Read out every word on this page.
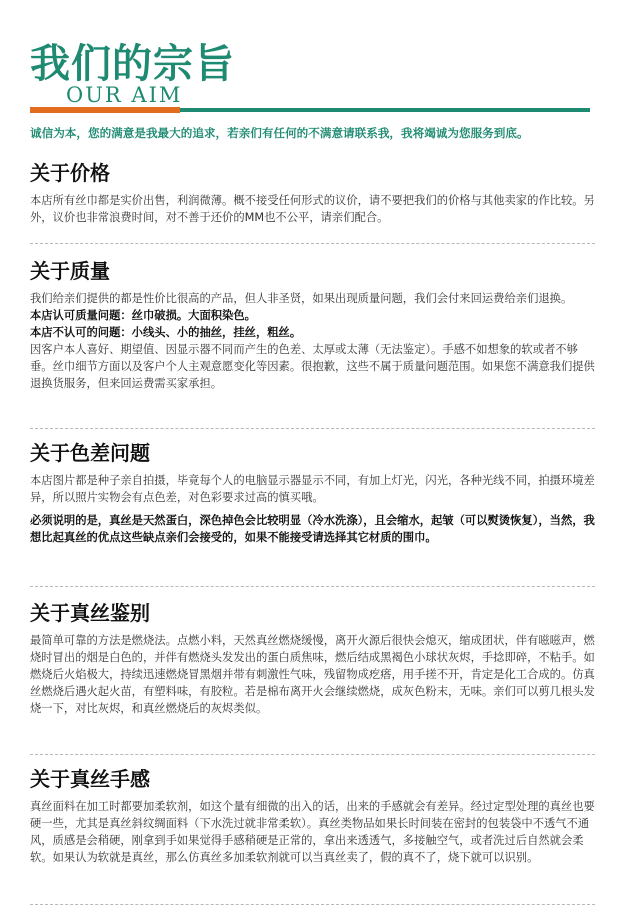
我们的宗旨
OUR AIM
诚信为本，您的满意是我最大的追求，若亲们有任何的不满意请联系我，我将竭诚为您服务到底。
关于价格

本店所有丝巾都是实价出售，利润微薄。概不接受任何形式的议价，请不要把我们的价格与其他卖家的作比较。另外，议价也非常浪费时间，对不善于还价的MM也不公平，请亲们配合。

关于质量

我们给亲们提供的都是性价比很高的产品，但人非圣贤，如果出现质量问题，我们会付来回运费给亲们退换。

本店认可质量问题：丝巾破损。大面积染色。

本店不认可的问题：小线头、小的抽丝，挂丝，粗丝。

因客户本人喜好、期望值、因显示器不同而产生的色差、太厚或太薄（无法鉴定）。手感不如想象的软或者不够垂。丝巾细节方面以及客户个人主观意愿变化等因素。很抱歉，这些不属于质量问题范围。如果您不满意我们提供退换货服务，但来回运费需买家承担。

关于色差问题

本店图片都是种子亲自拍摄，毕竟每个人的电脑显示器显示不同，有加上灯光，闪光，各种光线不同，拍摄环境差异，所以照片实物会有点色差，对色彩要求过高的慎买哦。

必须说明的是，真丝是天然蛋白，深色掉色会比较明显（冷水洗涤），且会缩水，起皱（可以熨烫恢复），当然，我想比起真丝的优点这些缺点亲们会接受的，如果不能接受请选择其它材质的围巾。

关于真丝鉴别

最简单可靠的方法是燃烧法。点燃小料，天然真丝燃烧缓慢，离开火源后很快会熄灭，缩成团状，伴有嗞嗞声，燃烧时冒出的烟是白色的，并伴有燃烧头发发出的蛋白质焦味，燃后结成黑褐色小球状灰烬，手捻即碎，不粘手。如燃烧后火焰极大，持续迅速燃烧冒黑烟并带有刺激性气味，残留物成疙瘩，用手搓不开，肯定是化工合成的。仿真丝燃烧后遇火起火苗，有塑料味，有胶粒。若是棉布离开火会继续燃烧，成灰色粉末，无味。亲们可以剪几根头发烧一下，对比灰烬，和真丝燃烧后的灰烬类似。

关于真丝手感

真丝面料在加工时都要加柔软剂，如这个量有细微的出入的话，出来的手感就会有差异。经过定型处理的真丝也要硬一些，尤其是真丝斜纹绸面料（下水洗过就非常柔软）。真丝类物品如果长时间装在密封的包装袋中不透气不通风，质感是会稍硬，刚拿到手如果觉得手感稍硬是正常的，拿出来透透气，多接触空气，或者洗过后自然就会柔软。如果认为软就是真丝，那么仿真丝多加柔软剂就可以当真丝卖了，假的真不了，烧下就可以识别。
